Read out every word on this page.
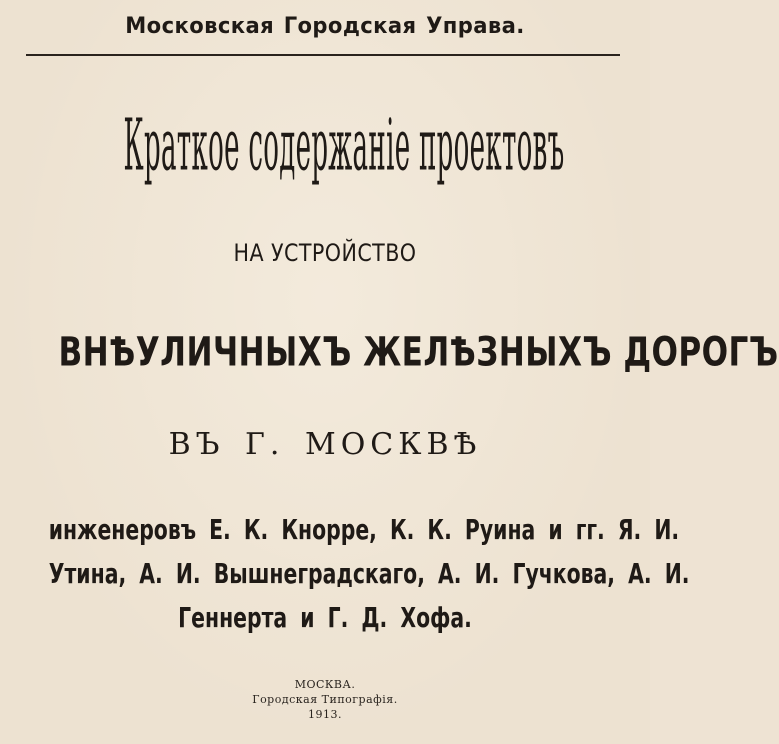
Московская Городская Управа.
Краткое содержаніе проектовъ
НА УСТРОЙСТВО
ВНѢУЛИЧНЫХЪ ЖЕЛѢЗНЫХЪ ДОРОГЪ
ВЪ Г. МОСКВѢ
инженеровъ Е. К. Кнорре, К. К. Руина и гг. Я. И.
Утина, А. И. Вышнеградскаго, А. И. Гучкова, А. И.
Геннерта и Г. Д. Хофа.
МОСКВА.
Городская Типографія.
1913.
